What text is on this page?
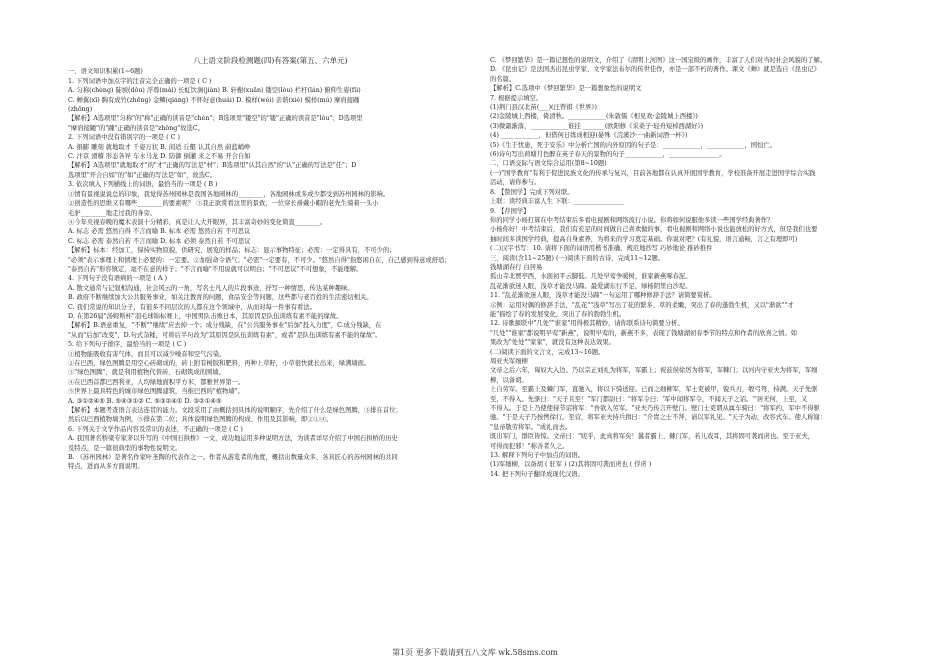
八上语文阶段检测题(四)有答案(第五、六单元)
一、语文知识积累(1~6题)
1. 下列词语中加点字的注音完全正确的一项是 ( C )
A. 匀称(chèng) 陡坡(dǒu) 浮尊(mài) 长虹饮涧(jiàn) B. 轩榭(xuān) 镂空(lòu) 栏杆(lán) 俯仰生姿(fǔ)
C. 蝉翼(xī) 胸有成竹(zhēng) 金鳞(qiáng) 不怀好意(huái) D. 模样(wéi) 亲谐(xié) 模样(mú) 摩肩接踵
(zhōng)
【解析】A选项里"匀称"的"称"正确的读音是"chèn"；B选项里"镂空"的"镂"正确的读音是"lòu"；D选项里
"摩肩接踵"的"踵"正确的读音是"zhǒng"故选C。
2. 下列词语中没有错别字的一项是 ( C )
A. 捐膨 雕刻 就地取才 千姿万状 B. 闲适 丘壑 认其自然 蔚蓝峭峥
C. 汴京 滑稽 形态各异 车水马龙 D. 防御 倒灌 来之不易 开合自如
【解析】A选项里"就地取才"的"才"正确的写法是"材"；B选项里"认其自然"的"认"正确的写法是"任"；D
选项里"开合自如"的"如"正确的写法是"如"，故选C。
3. 依次填入下列横线上的词语，最恰当的一项是 ( B )
①情有景视说说总的印象，我觉得苏州园林是我国各地园林的________，各地园林或多或少都受到苏州园林的影响。
②创造性的思维又有哪些________的要素呢？ ③我正欲赏看这里的景致，一位穿长褂戴小帽的老先生骑着一头小
毛驴________地走过我的身旁。
④今年央视春晚的魔术表演十分精彩，真是让人大开眼界，其丰富奇妙的变化简直________。
A. 标志 必需 悠然自得 不言而喻 B. 标本 必需 悠然自若 不可思议
C. 标志 必需 泰然自若 不言而喻 D. 标本 必须 泰然自若 不可思议
【解析】标本：经加工，保持实物原貌，供研究、展览的样品；标志：显示事物特征；必需：一定得具有，不可少的；
"必须"表示事理上和情理上必要的：一定要。②加强命令语气；"必需"一定要有，不可少。"悠然自得"指悠闲自在，自己感到得意或舒适；
"泰然自若"形容镇定，毫不在意的样子；"不言而喻"不用说就可以明白；"不可思议"不可想象，不能理解。
4. 下列句子没有语病的一项是 ( A )
A. 散文通常与记叙相沟通，社会风云的一角，写名士凡人的片段事迹，抒写一种情思，传达某种趣味。
B. 政府不断继续加大公共服务事业，如关注教育的问题，食品安全等问题，这些都与老百姓的生活密切相关。
C. 我们常说的知识分子，有很多不同层次的人都在这个领域中，从而对每一件事有看法。
D. 在第26届"汤姆斯杯"羽毛球锦标赛上，中国男队击败日本，其原因是队伍训练有素不能的缘故。
【解析】B.语意重复，"不断""继续"应去掉一个；成分残缺，在"公共服务事业"后加"投入力度"，C.成分残缺，在
"从而"后加"改变"，D.句式杂糅，可将后半句改为"其原因是队伍训练有素"，或者"是队伍训练有素不能的缘故"。
5. 给下列句子排序，最恰当的一项是 ( C )
①植物能吸收有害气体，而且可以减少噪音和空气污染。
②在巴西，绿色图腾是用空心砖砌成的，砖上附有树胶和肥料，再种上草籽，小草很快就长出来，绿满墙面。
③"绿色图腾"，就是利用植物代替砖、石砌筑成的围墙。
④在巴西首都巴西利亚，人均绿地面积平方米，都雅世界第一。
⑤世界上最具特色的城市绿色图腾建筑，当推巴西的"植物墙"。
A. ③①②④⑤ B. ⑤④③①② C. ⑤③②④① D. ③②①④⑤
【解析】本题考查语言表达连贯的能力。文段采用了由概括到具体的说明顺序，先介绍了什么是绿色图腾，③排在首位；
然后以巴西植物墙为例，⑤排在第二位；具体说明绿色图腾的构成、作用及其影响，即②①④。
6. 下列关于文学作品内容及常识的表述，不正确的一项是 ( C )
A. 我国著名桥梁专家茅以升写的《中国石拱桥》一文，成功地运用多种说明方法，为读者详尽介绍了中国石拱桥的历史
及特点，是一篇很典型的事物性说明文。
B. 《苏州园林》是著名作家叶圣陶的代表作之一。作者从游览者的角度，概括出数量众多、各具匠心的苏州园林的共同
特点，进而从多方面说明。
C. 《梦回繁华》是一篇记想性的说明文，介绍了《清明上河图》这一国宝级的画作，丰富了人们对当时社会风貌的了解。
D. 《昆虫记》是法国杰出昆虫学家、文学家法布尔的传世佳作，亦是一部不朽的著作。课文《蝉》就是选自《昆虫记》
的名篇。
【解析】C.选项中《梦回繁华》是一篇想象性的说明文
7. 根据提示填空。
(1)荆门县汉北苗(___)(汪曾祺《世界》)
(2)金陵城上西楼，倚清秋。____________(朱敦儒《相见欢·金陵城上西楼》)
(3)微霜渐落，____________谁挂 _______(欧阳修《采桑子·轻舟短棹西湖好》)
(4) ____________，但借何日练成相迎(晏殊《浣溪沙·一曲新词酒一杯》)
(5)《生于忧患，死于安乐》中分析亡国的内外原因的句子是：____________，____________，国恒亡。
(6)诗句写出荷塘月色醉在英子春天的景物的句子____________，________________。
二、口语交际与语文综合运用(第8~10题)
(一)"国学教育"有利于促进民族文化的传承与复兴，目前各地都在认真开展国学教育，学校准备开展走进国学综合实践
活动，请你参与。
8. 【赞国学】完成下列对联。
上联：读经典丰富人生 下联：________________
9. 【荐国学】
你的同学小杨打算在中考结束后多看电视剧和网络流行小说。你将如何说服他多读一些国学经典著作？
小杨你好！中考结束后，我们有充足的时间做自己喜欢做的事，看电视剧和网络小说也能放松的好方式，但是我们也要
抽时间多读国学经典，提高自身素养，为将来的学习奠定基础。你说对吧？(有礼貌，语言通畅，言之有理即可)
(二)汉字书写：10. 请将下面的词语用楷书准确、规范地抄写 巧妙地论 推砂推件
三、阅读(含11~25题) (一)阅读下面的古诗，完成11~12题。
钱塘湖春行 白居易
孤山寺北贾亭西，水面初平云脚低。几处早莺争暖树，谁家新燕啄春泥。
乱花渐欲迷人眼，浅草才能没马蹄。最爱湖东行不足，绿杨阴里白沙堤。
11. "乱花渐欲迷人眼，浅草才能没马蹄"一句运用了哪种修辞手法？请简要赏析。
示例：运用对偶的修辞手法，"乱花""浅草"写出了花的繁多、草的柔嫩，突出了春的蓬勃生机，又以"渐欲""才
能"描绘了春的发展变化，突出了春的勃勃生机。
12. 诗歌颔联中"几处""谁家"用得极其精妙，请你联系诗句简要分析。
"几处""谁家"都说明早莺"新燕"，说明早莺的，新燕不多，表现了钱塘湖初春季节的特点和作者的欣喜之情。如
果改为"处处""家家"，就没有这种表达效果。
(二)阅读下面的文言文，完成13~16题。
周亚夫军细柳
文帝之后六年，匈奴大入边。乃以宗正刘礼为将军，军霸上；祝兹侯徐厉为将军，军棘门；以河内守亚夫为将军，军细
柳，以备胡。
上自劳军。至霸上及棘门军，直驰入，将以下骑送迎。已而之细柳军，军士吏被甲，锐兵刃，彀弓弩，持满。天子先驱
至，不得入。先驱曰："天子且至！"军门都尉曰："将军令曰：'军中闻将军令，不闻天子之诏。'"居无何，上至，又
不得入。于是上乃使使持节诏将军："吾欲入劳军。"亚夫乃传言开壁门。壁门士吏谓从属车骑曰："将军约，军中不得驱
驰。"于是天子乃按辔徐行。至营，将军亚夫持兵揖曰："介胄之士不拜，请以军礼见。"天子为动，改容式车。使人称谢：
"皇帝敬劳将军。"成礼而去。
既出军门，群臣皆惊。文帝曰："嗟乎，此真将军矣！曩者霸上、棘门军，若儿戏耳，其将固可袭而虏也。至于亚夫，
可得而犯邪！"称善者久之。
13. 解释下列句子中加点的词语。
(1)军细柳，以备胡 ( 驻军 ) (2)其将固可袭而虏也 ( 俘虏 )
14. 把下列句子翻译成现代汉语。
第1页 更多下载请到五八文库 wk.58sms.com
